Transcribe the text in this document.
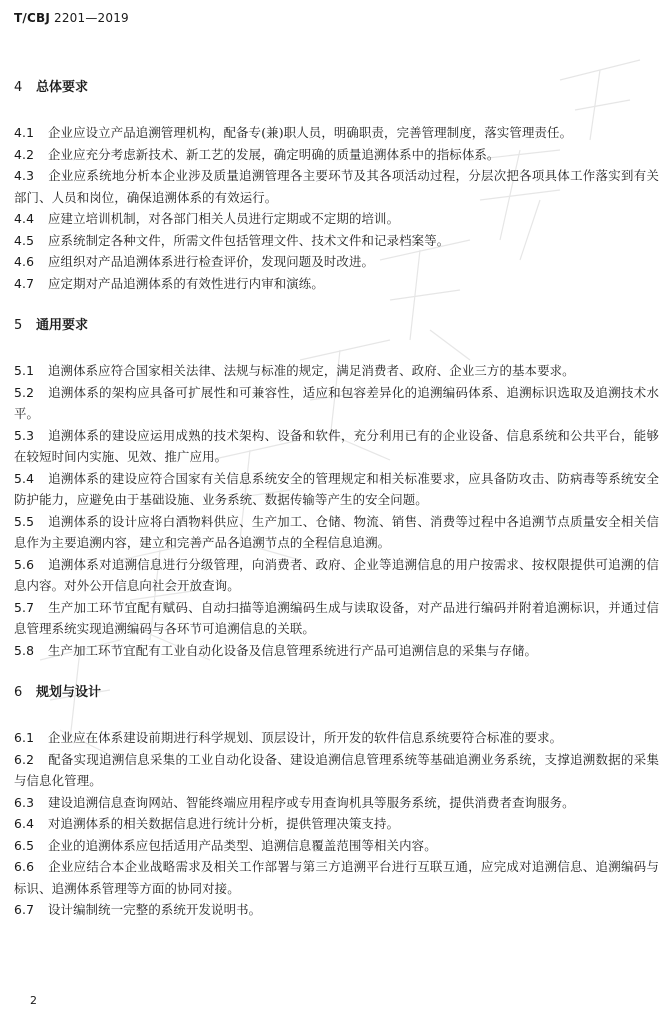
T/CBJ 2201—2019
4 总体要求
4.1 企业应设立产品追溯管理机构，配备专(兼)职人员，明确职责，完善管理制度，落实管理责任。
4.2 企业应充分考虑新技术、新工艺的发展，确定明确的质量追溯体系中的指标体系。
4.3 企业应系统地分析本企业涉及质量追溯管理各主要环节及其各项活动过程，分层次把各项具体工作落实到有关部门、人员和岗位，确保追溯体系的有效运行。
4.4 应建立培训机制，对各部门相关人员进行定期或不定期的培训。
4.5 应系统制定各种文件，所需文件包括管理文件、技术文件和记录档案等。
4.6 应组织对产品追溯体系进行检查评价，发现问题及时改进。
4.7 应定期对产品追溯体系的有效性进行内审和演练。
5 通用要求
5.1 追溯体系应符合国家相关法律、法规与标准的规定，满足消费者、政府、企业三方的基本要求。
5.2 追溯体系的架构应具备可扩展性和可兼容性，适应和包容差异化的追溯编码体系、追溯标识选取及追溯技术水平。
5.3 追溯体系的建设应运用成熟的技术架构、设备和软件，充分利用已有的企业设备、信息系统和公共平台，能够在较短时间内实施、见效、推广应用。
5.4 追溯体系的建设应符合国家有关信息系统安全的管理规定和相关标准要求，应具备防攻击、防病毒等系统安全防护能力，应避免由于基础设施、业务系统、数据传输等产生的安全问题。
5.5 追溯体系的设计应将白酒物料供应、生产加工、仓储、物流、销售、消费等过程中各追溯节点质量安全相关信息作为主要追溯内容，建立和完善产品各追溯节点的全程信息追溯。
5.6 追溯体系对追溯信息进行分级管理，向消费者、政府、企业等追溯信息的用户按需求、按权限提供可追溯的信息内容。对外公开信息向社会开放查询。
5.7 生产加工环节宜配有赋码、自动扫描等追溯编码生成与读取设备，对产品进行编码并附着追溯标识，并通过信息管理系统实现追溯编码与各环节可追溯信息的关联。
5.8 生产加工环节宜配有工业自动化设备及信息管理系统进行产品可追溯信息的采集与存储。
6 规划与设计
6.1 企业应在体系建设前期进行科学规划、顶层设计，所开发的软件信息系统要符合标准的要求。
6.2 配备实现追溯信息采集的工业自动化设备、建设追溯信息管理系统等基础追溯业务系统，支撑追溯数据的采集与信息化管理。
6.3 建设追溯信息查询网站、智能终端应用程序或专用查询机具等服务系统，提供消费者查询服务。
6.4 对追溯体系的相关数据信息进行统计分析，提供管理决策支持。
6.5 企业的追溯体系应包括适用产品类型、追溯信息覆盖范围等相关内容。
6.6 企业应结合本企业战略需求及相关工作部署与第三方追溯平台进行互联互通，应完成对追溯信息、追溯编码与标识、追溯体系管理等方面的协同对接。
6.7 设计编制统一完整的系统开发说明书。
2
